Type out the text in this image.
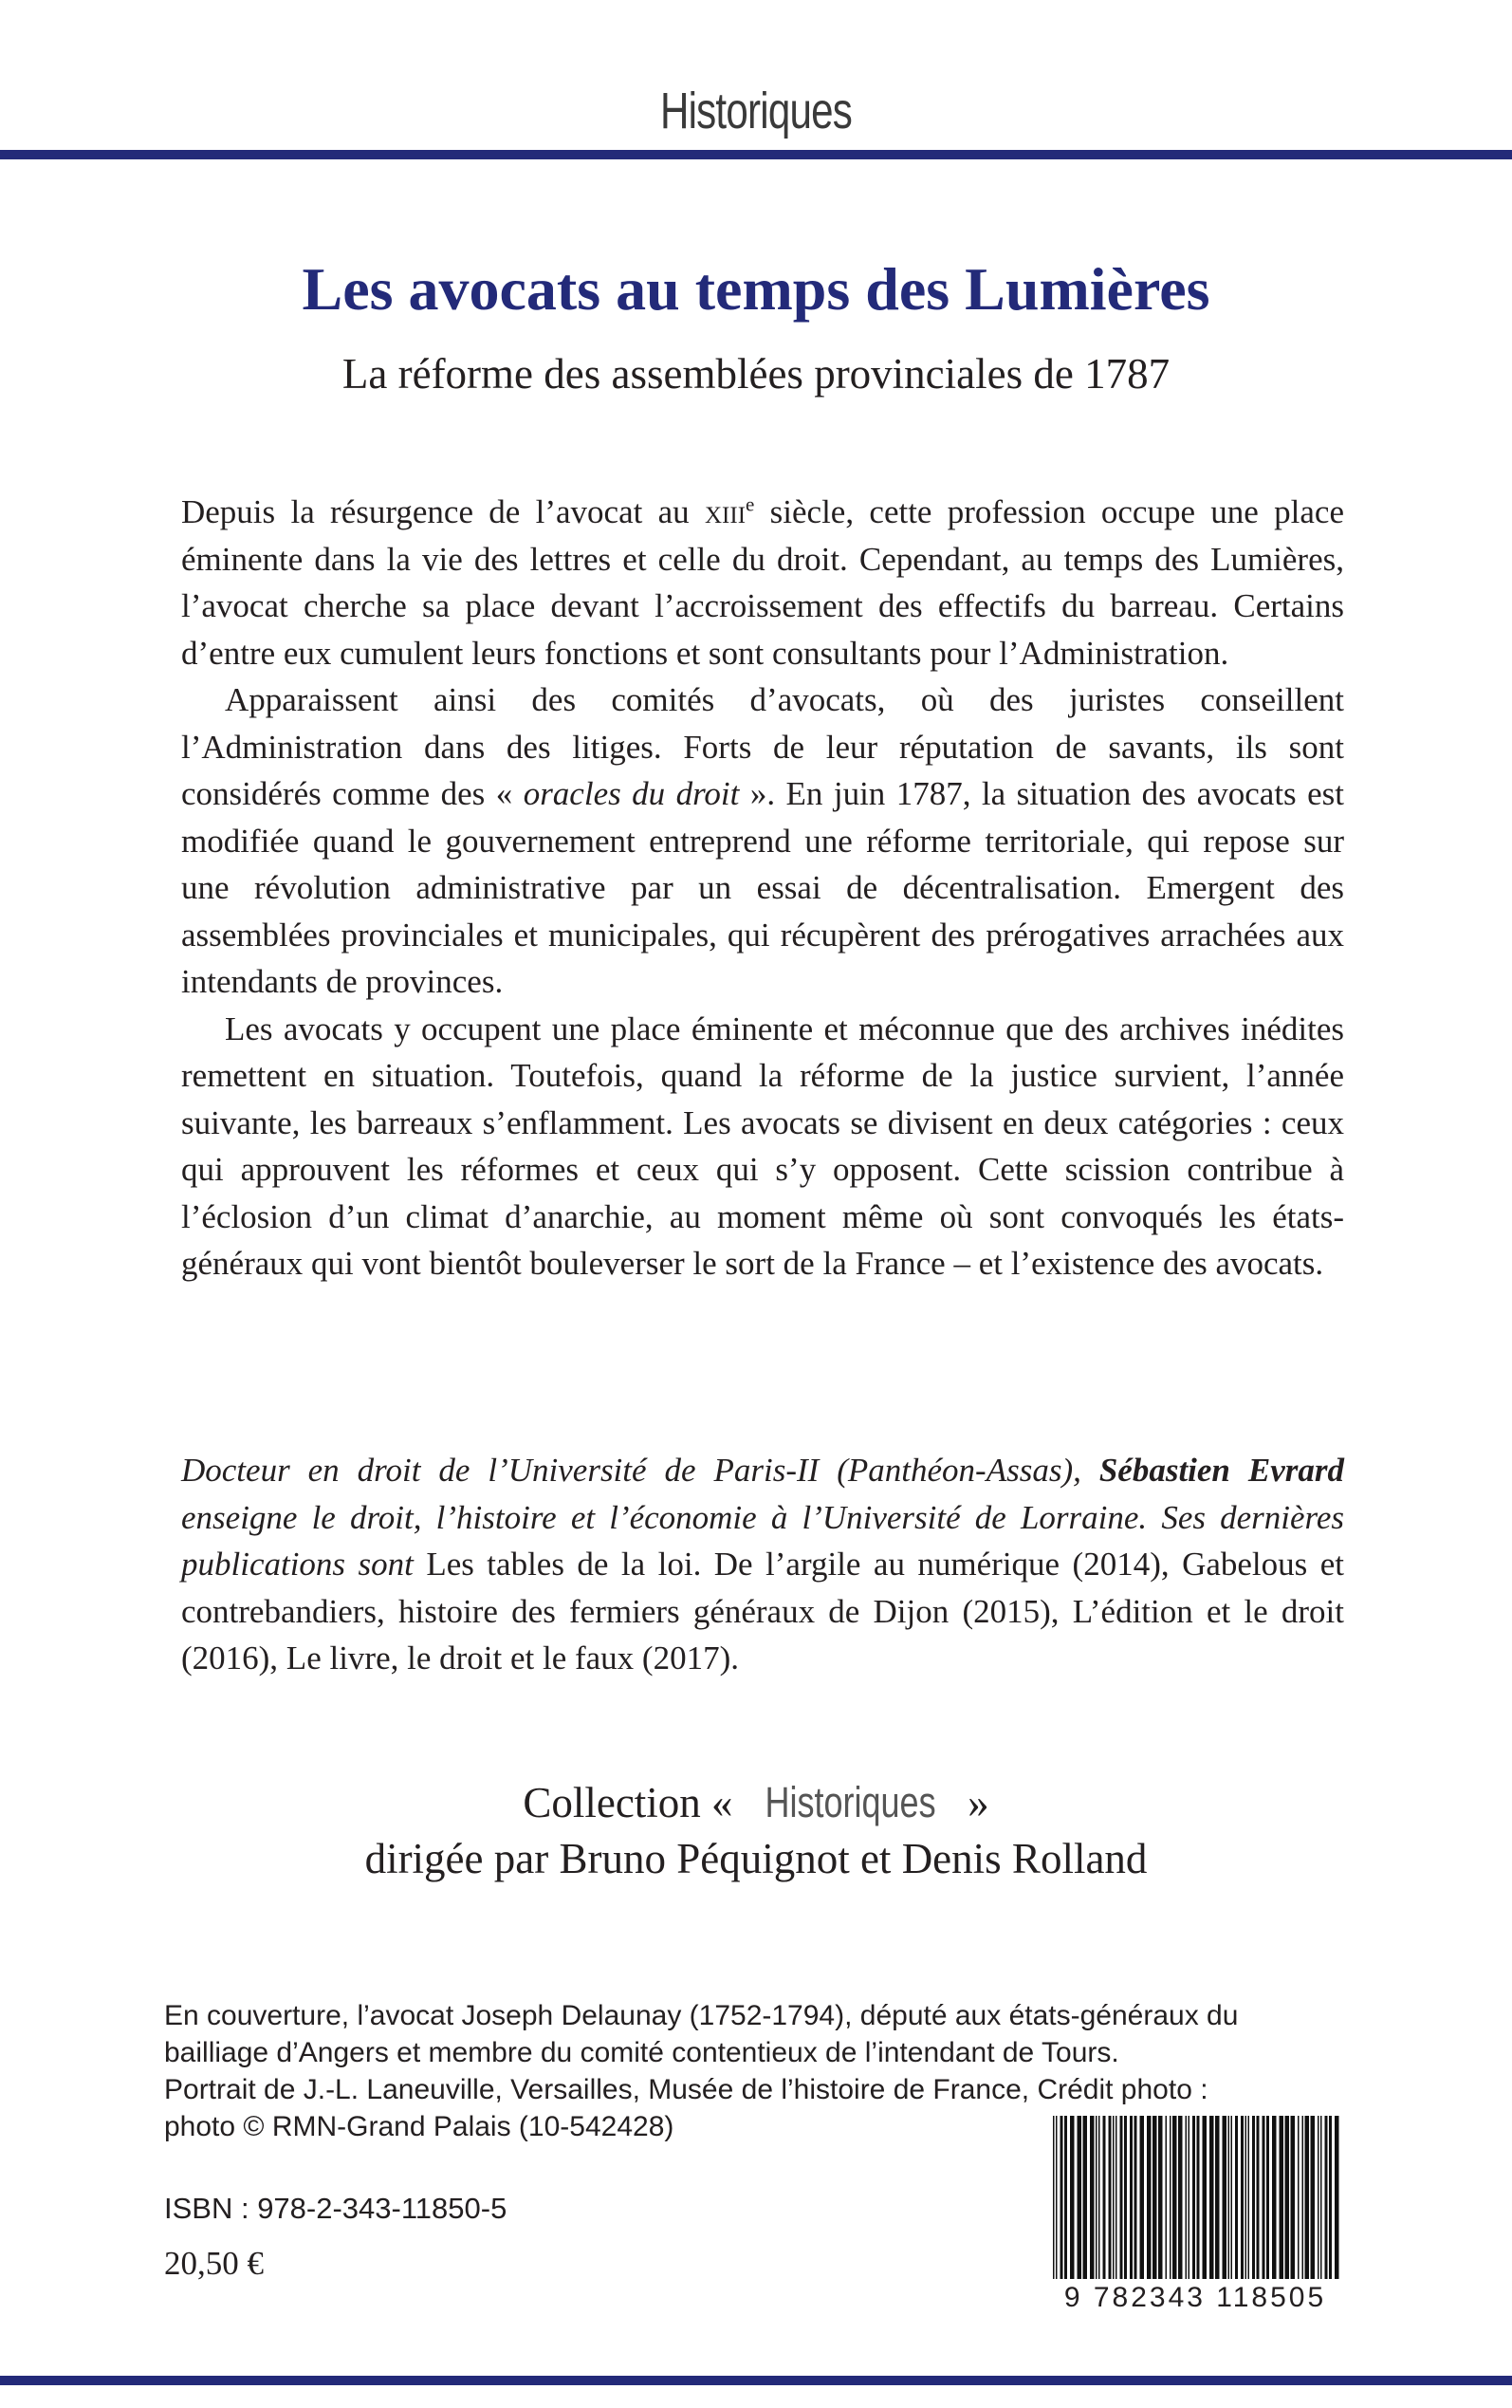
Historiques
Les avocats au temps des Lumières
La réforme des assemblées provinciales de 1787

Depuis la résurgence de l’avocat au xiii$^e$ siècle, cette profession occupe une place éminente dans la vie des lettres et celle du droit. Cependant, au temps des Lumières, l’avocat cherche sa place devant l’accroissement des effectifs du barreau. Certains d’entre eux cumulent leurs fonctions et sont consultants pour l’Administration.

Apparaissent ainsi des comités d’avocats, où des juristes conseillent l’Administration dans des litiges. Forts de leur réputation de savants, ils sont considérés comme des « oracles du droit ». En juin 1787, la situation des avocats est modifiée quand le gouvernement entreprend une réforme territoriale, qui repose sur une révolution administrative par un essai de décentralisation. Emergent des assemblées provinciales et municipales, qui récupèrent des prérogatives arrachées aux intendants de provinces.

Les avocats y occupent une place éminente et méconnue que des archives inédites remettent en situation. Toutefois, quand la réforme de la justice survient, l’année suivante, les barreaux s’enflamment. Les avocats se divisent en deux catégories : ceux qui approuvent les réformes et ceux qui s’y opposent. Cette scission contribue à l’éclosion d’un climat d’anarchie, au moment même où sont convoqués les états-généraux qui vont bientôt bouleverser le sort de la France – et l’existence des avocats.

Docteur en droit de l’Université de Paris-II (Panthéon-Assas), Sébastien Evrard enseigne le droit, l’histoire et l’économie à l’Université de Lorraine. Ses dernières publications sont Les tables de la loi. De l’argile au numérique (2014), Gabelous et contrebandiers, histoire des fermiers généraux de Dijon (2015), L’édition et le droit (2016), Le livre, le droit et le faux (2017).
Collection « Historiques »
dirigée par Bruno Péquignot et Denis Rolland
En couverture, l’avocat Joseph Delaunay (1752-1794), député aux états-généraux du
bailliage d’Angers et membre du comité contentieux de l’intendant de Tours.
Portrait de J.-L. Laneuville, Versailles, Musée de l’histoire de France, Crédit photo :
photo © RMN-Grand Palais (10-542428)
ISBN : 978-2-343-11850-5
20,50 €
9 782343 118505
